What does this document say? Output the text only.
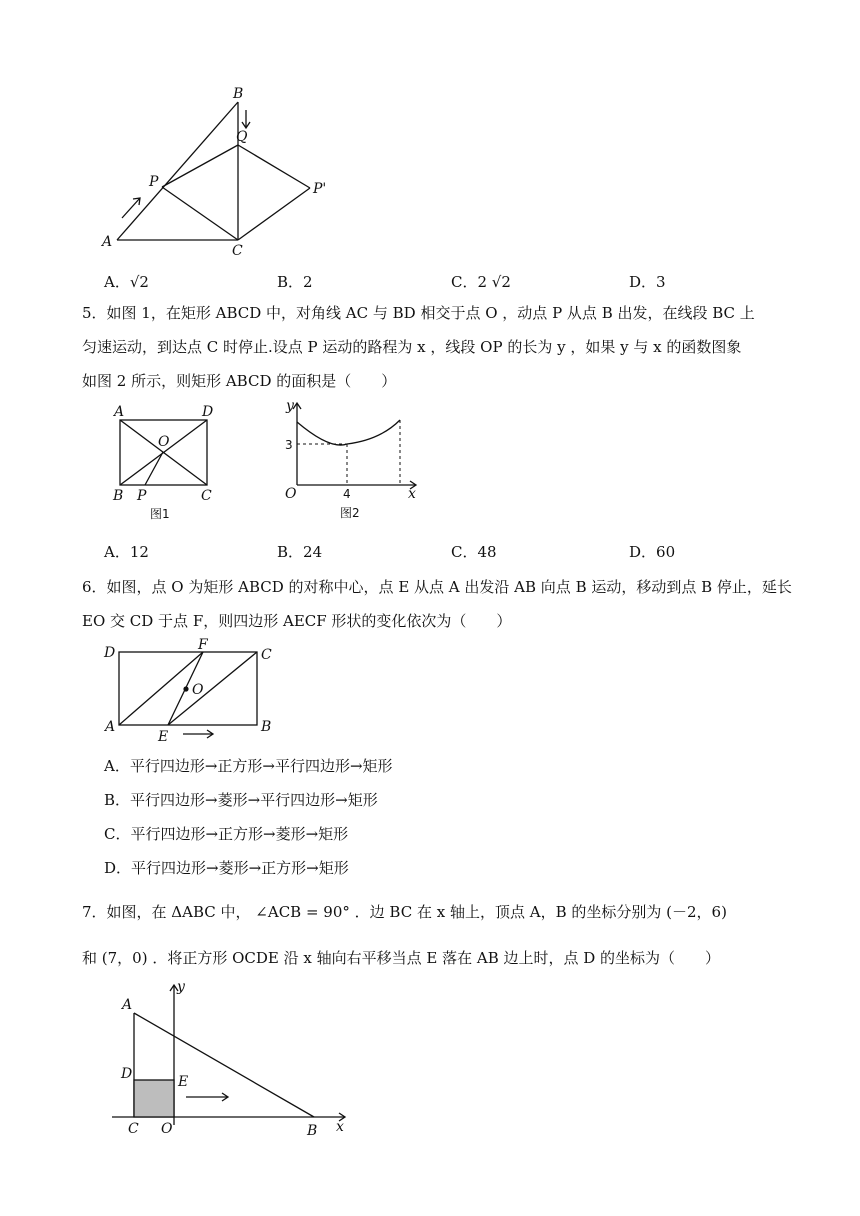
B
Q
P	P'
A
C
A．√2	B．2	C．2 √2	D．3
5．如图 1，在矩形 ABCD 中，对角线 AC 与 BD 相交于点 O ，动点 P 从点 B 出发，在线段 BC 上
匀速运动，到达点 C 时停止.设点 P 运动的路程为 x ，线段 OP 的长为 y ，如果 y 与 x 的函数图象
如图 2 所示，则矩形 ABCD 的面积是（　　）
A	D
O
B P	C
图1
y
x
O
3
4
图2
A．12	B．24	C．48	D．60
6．如图，点 O 为矩形 ABCD 的对称中心，点 E 从点 A 出发沿 AB 向点 B 运动，移动到点 B 停止，延长
EO 交 CD 于点 F，则四边形 AECF 形状的变化依次为（　　）
D	F
C
O
A
E
B
A．平行四边形→正方形→平行四边形→矩形
B．平行四边形→菱形→平行四边形→矩形
C．平行四边形→正方形→菱形→矩形
D．平行四边形→菱形→正方形→矩形
7．如图，在 ΔABC 中， ∠ACB = 90° ．边 BC 在 x 轴上，顶点 A，B 的坐标分别为 (－2，6)
和 (7，0) ．将正方形 OCDE 沿 x 轴向右平移当点 E 落在 AB 边上时，点 D 的坐标为（　　）
A
y
D	E
C O	B x
